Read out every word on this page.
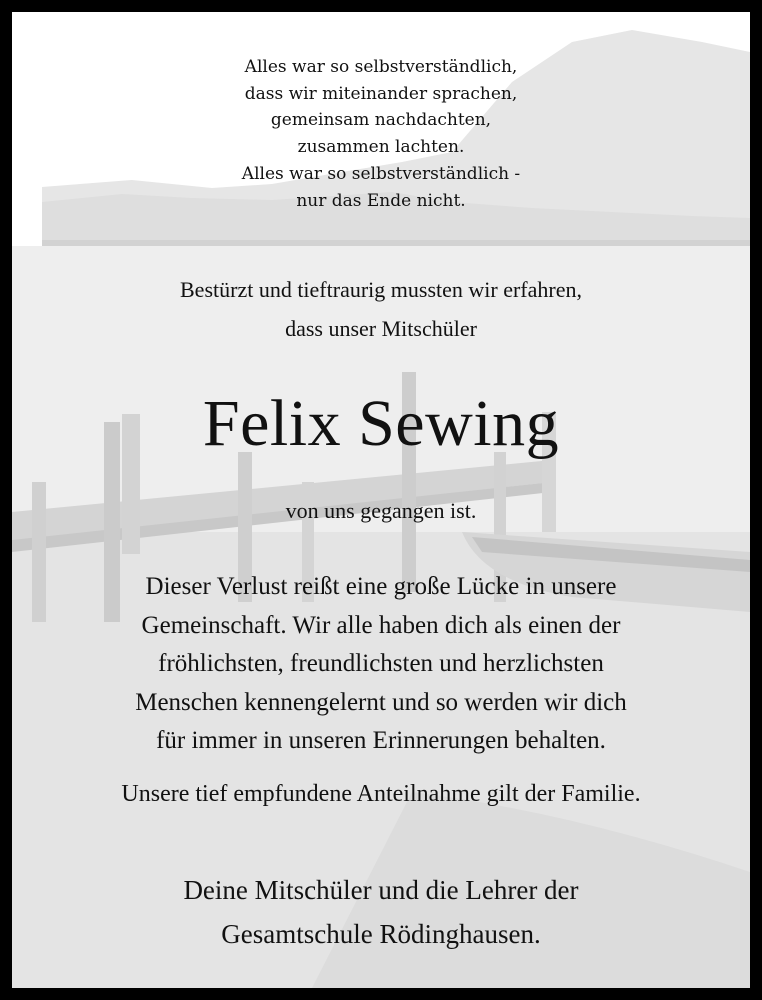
Alles war so selbstverständlich,
dass wir miteinander sprachen,
gemeinsam nachdachten,
zusammen lachten.
Alles war so selbstverständlich -
nur das Ende nicht.
Bestürzt und tieftraurig mussten wir erfahren,
dass unser Mitschüler
Felix Sewing
von uns gegangen ist.
Dieser Verlust reißt eine große Lücke in unsere
Gemeinschaft. Wir alle haben dich als einen der
fröhlichsten, freundlichsten und herzlichsten
Menschen kennengelernt und so werden wir dich
für immer in unseren Erinnerungen behalten.
Unsere tief empfundene Anteilnahme gilt der Familie.
Deine Mitschüler und die Lehrer der
Gesamtschule Rödinghausen.
